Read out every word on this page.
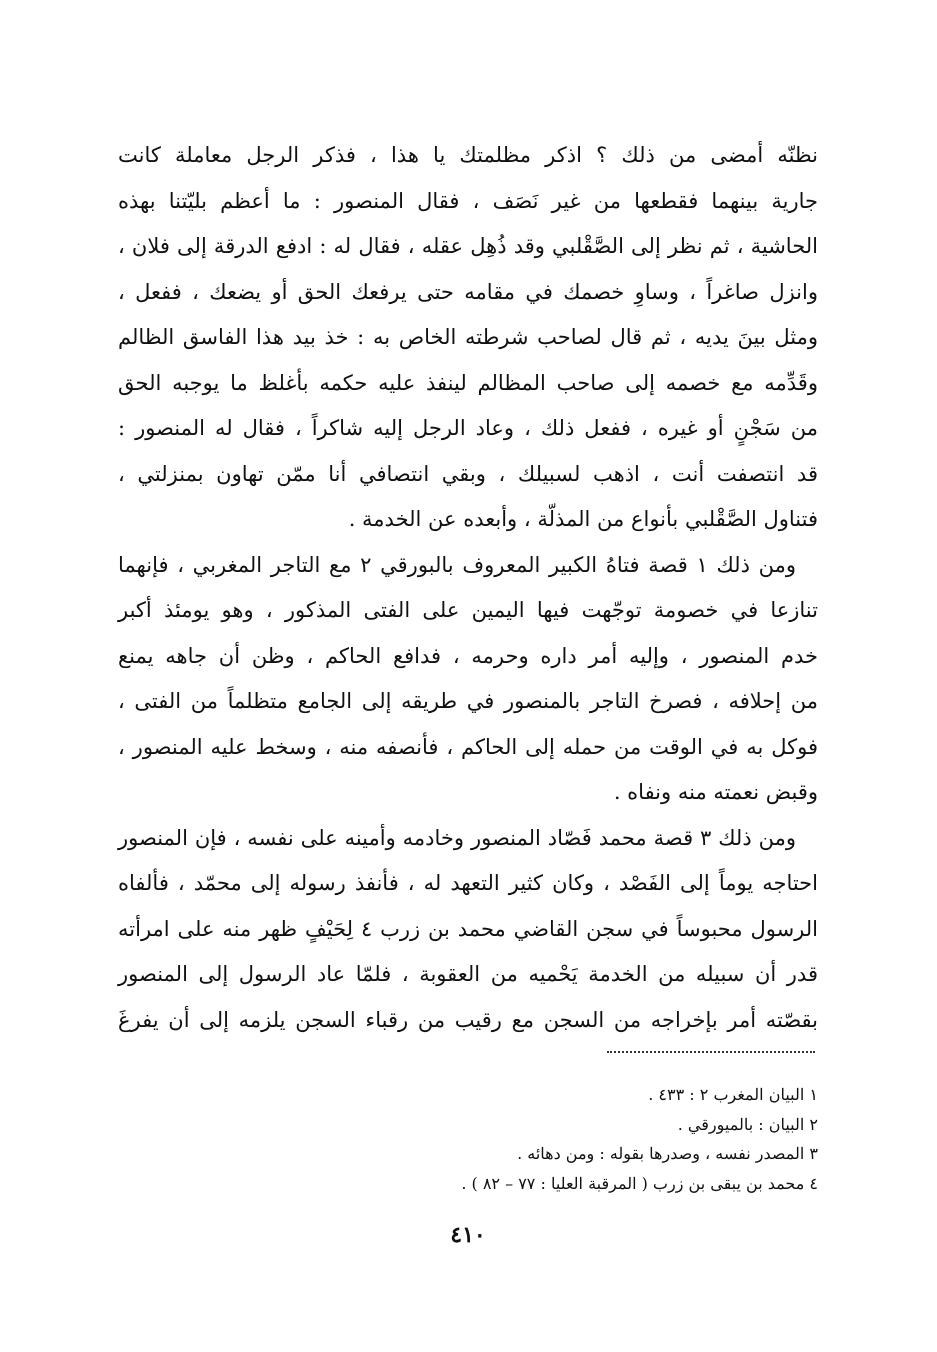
نظنّه أمضى من ذلك ؟ اذكر مظلمتك يا هذا ، فذكر الرجل معاملة كانت
جارية بينهما فقطعها من غير نَصَف ، فقال المنصور : ما أعظم بليّتنا بهذه
الحاشية ، ثم نظر إلى الصَّقْلبي وقد ذُهِل عقله ، فقال له : ادفع الدرقة إلى فلان ،
وانزل صاغراً ، وساوِ خصمك في مقامه حتى يرفعك الحق أو يضعك ، ففعل ،
ومثل بينَ يديه ، ثم قال لصاحب شرطته الخاص به : خذ بيد هذا الفاسق الظالم
وقَدِّمه مع خصمه إلى صاحب المظالم لينفذ عليه حكمه بأغلظ ما يوجبه الحق
من سَجْنٍ أو غيره ، ففعل ذلك ، وعاد الرجل إليه شاكراً ، فقال له المنصور :
قد انتصفت أنت ، اذهب لسبيلك ، وبقي انتصافي أنا ممّن تهاون بمنزلتي ،
فتناول الصَّقْلبي بأنواع من المذلّة ، وأبعده عن الخدمة .
ومن ذلك ١ قصة فتاهُ الكبير المعروف بالبورقي ٢ مع التاجر المغربي ، فإنهما
تنازعا في خصومة توجّهت فيها اليمين على الفتى المذكور ، وهو يومئذ أكبر
خدم المنصور ، وإليه أمر داره وحرمه ، فدافع الحاكم ، وظن أن جاهه يمنع
من إحلافه ، فصرخ التاجر بالمنصور في طريقه إلى الجامع متظلماً من الفتى ،
فوكل به في الوقت من حمله إلى الحاكم ، فأنصفه منه ، وسخط عليه المنصور ،
وقبض نعمته منه ونفاه .
ومن ذلك ٣ قصة محمد فَصّاد المنصور وخادمه وأمينه على نفسه ، فإن المنصور
احتاجه يوماً إلى الفَصْد ، وكان كثير التعهد له ، فأنفذ رسوله إلى محمّد ، فألفاه
الرسول محبوساً في سجن القاضي محمد بن زرب ٤ لِحَيْفٍ ظهر منه على امرأته
قدر أن سبيله من الخدمة يَحْميه من العقوبة ، فلمّا عاد الرسول إلى المنصور
بقصّته أمر بإخراجه من السجن مع رقيب من رقباء السجن يلزمه إلى أن يفرغَ
١ البيان المغرب ٢ : ٤٣٣ .
٢ البيان : بالميورقي .
٣ المصدر نفسه ، وصدرها بقوله : ومن دهائه .
٤ محمد بن يبقى بن زرب ( المرقبة العليا : ٧٧ – ٨٢ ) .
٤١٠
